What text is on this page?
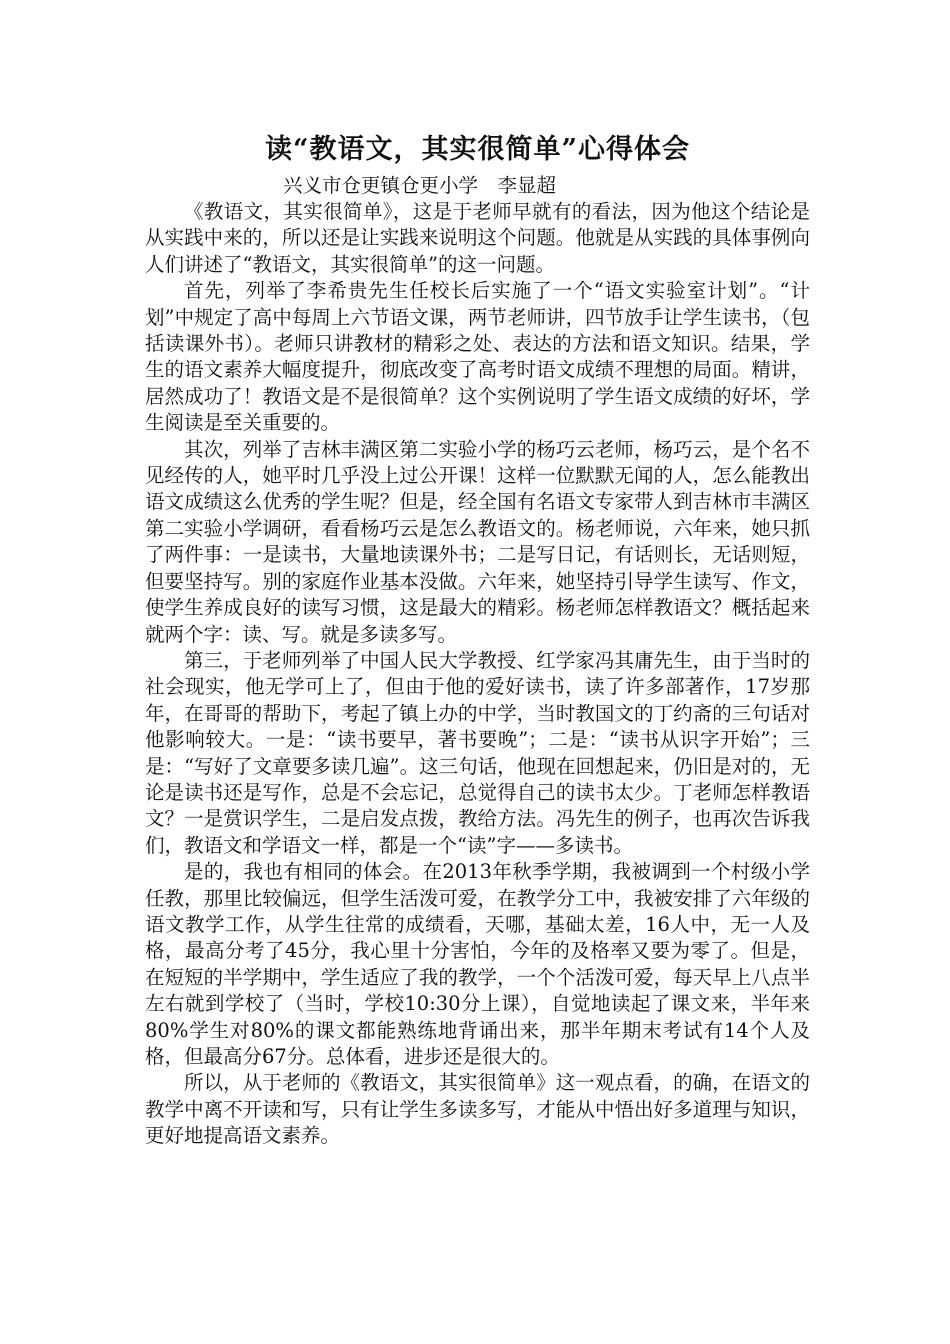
读“教语文，其实很简单”心得体会

兴义市仓更镇仓更小学　李显超

《教语文，其实很简单》，这是于老师早就有的看法，因为他这个结论是从实践中来的，所以还是让实践来说明这个问题。他就是从实践的具体事例向人们讲述了“教语文，其实很简单”的这一问题。

首先，列举了李希贵先生任校长后实施了一个“语文实验室计划”。“计划”中规定了高中每周上六节语文课，两节老师讲，四节放手让学生读书，（包括读课外书）。老师只讲教材的精彩之处、表达的方法和语文知识。结果，学生的语文素养大幅度提升，彻底改变了高考时语文成绩不理想的局面。精讲，居然成功了！教语文是不是很简单？这个实例说明了学生语文成绩的好坏，学生阅读是至关重要的。

其次，列举了吉林丰满区第二实验小学的杨巧云老师，杨巧云，是个名不见经传的人，她平时几乎没上过公开课！这样一位默默无闻的人，怎么能教出语文成绩这么优秀的学生呢？但是，经全国有名语文专家带人到吉林市丰满区第二实验小学调研，看看杨巧云是怎么教语文的。杨老师说，六年来，她只抓了两件事：一是读书，大量地读课外书；二是写日记，有话则长，无话则短，但要坚持写。别的家庭作业基本没做。六年来，她坚持引导学生读写、作文，使学生养成良好的读写习惯，这是最大的精彩。杨老师怎样教语文？概括起来就两个字：读、写。就是多读多写。

第三，于老师列举了中国人民大学教授、红学家冯其庸先生，由于当时的社会现实，他无学可上了，但由于他的爱好读书，读了许多部著作，17岁那年，在哥哥的帮助下，考起了镇上办的中学，当时教国文的丁约斋的三句话对他影响较大。一是：“读书要早，著书要晚”；二是：“读书从识字开始”；三是：“写好了文章要多读几遍”。这三句话，他现在回想起来，仍旧是对的，无论是读书还是写作，总是不会忘记，总觉得自己的读书太少。丁老师怎样教语文？一是赏识学生，二是启发点拨，教给方法。冯先生的例子，也再次告诉我们，教语文和学语文一样，都是一个“读”字——多读书。

是的，我也有相同的体会。在2013年秋季学期，我被调到一个村级小学任教，那里比较偏远，但学生活泼可爱，在教学分工中，我被安排了六年级的语文教学工作，从学生往常的成绩看，天哪，基础太差，16人中，无一人及格，最高分考了45分，我心里十分害怕，今年的及格率又要为零了。但是，在短短的半学期中，学生适应了我的教学，一个个活泼可爱，每天早上八点半左右就到学校了（当时，学校10:30分上课），自觉地读起了课文来，半年来80%学生对80%的课文都能熟练地背诵出来，那半年期末考试有14个人及格，但最高分67分。总体看，进步还是很大的。

所以，从于老师的《教语文，其实很简单》这一观点看，的确，在语文的教学中离不开读和写，只有让学生多读多写，才能从中悟出好多道理与知识，更好地提高语文素养。
